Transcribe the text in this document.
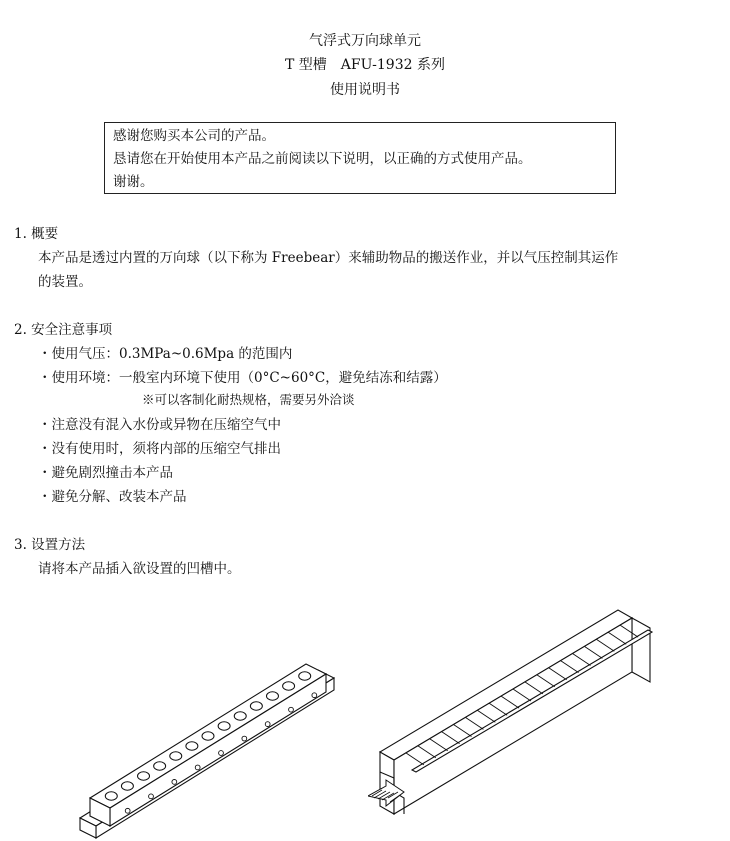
气浮式万向球单元
T 型槽　AFU-1932 系列
使用说明书
感谢您购买本公司的产品。
恳请您在开始使用本产品之前阅读以下说明，以正确的方式使用产品。
谢谢。
1. 概要
本产品是透过内置的万向球（以下称为 Freebear）来辅助物品的搬送作业，并以气压控制其运作
的装置。
2. 安全注意事项
・使用气压：0.3MPa~0.6Mpa 的范围内
・使用环境：一般室内环境下使用（0°C~60°C，避免结冻和结露）
※可以客制化耐热规格，需要另外洽谈
・注意没有混入水份或异物在压缩空气中
・没有使用时，须将内部的压缩空气排出
・避免剧烈撞击本产品
・避免分解、改装本产品
3. 设置方法
请将本产品插入欲设置的凹槽中。
